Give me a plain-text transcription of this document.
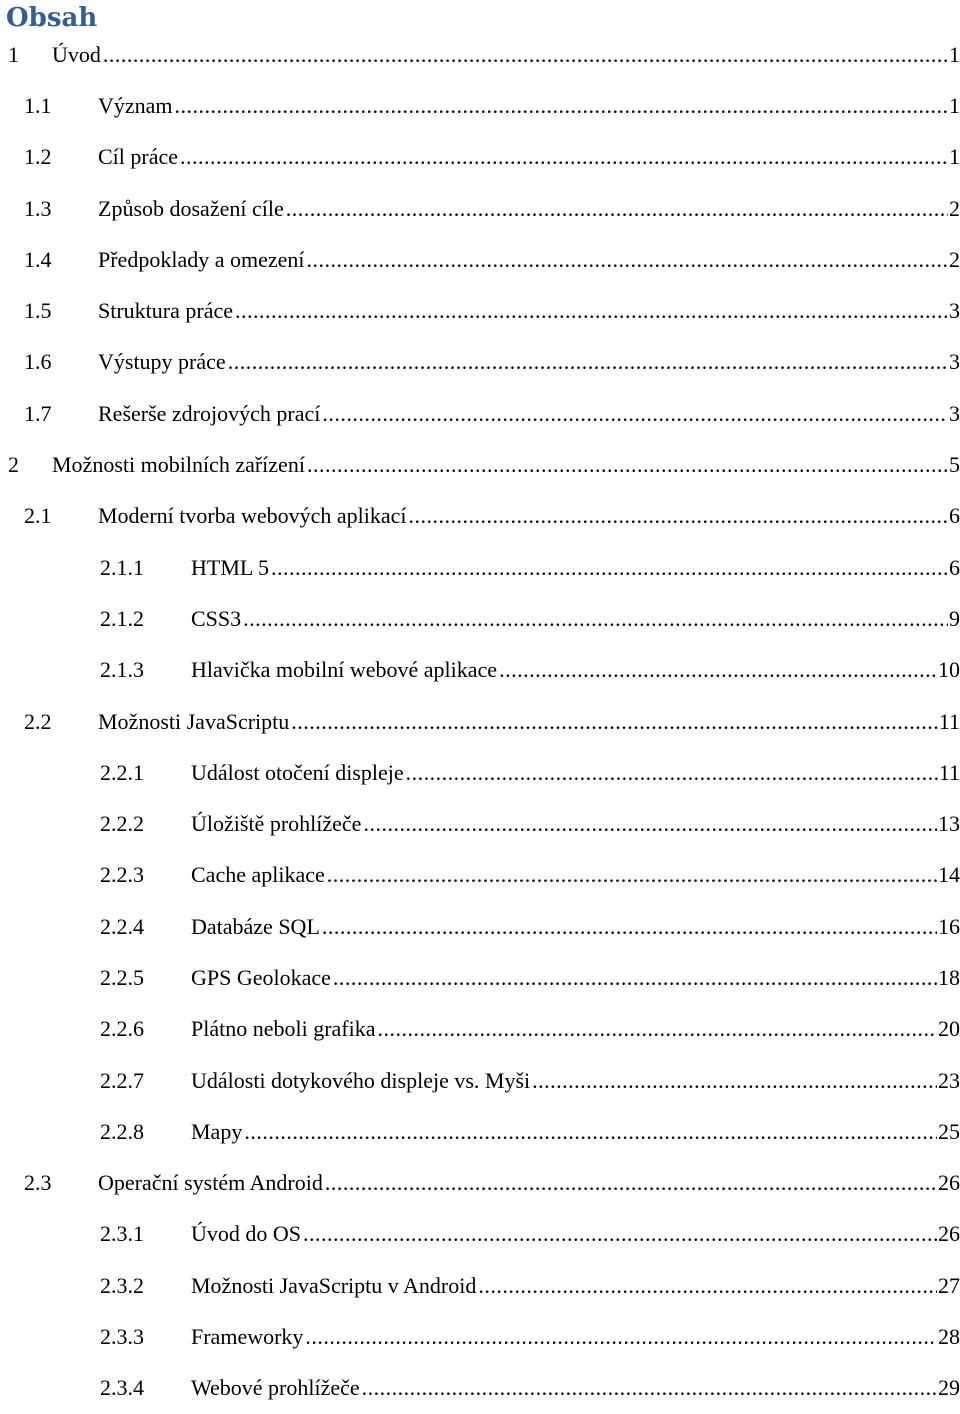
Obsah
1 Úvod .....	1
1.1 Význam .....	1
1.2 Cíl práce .....	1
1.3 Způsob dosažení cíle .....	2
1.4 Předpoklady a omezení .....	2
1.5 Struktura práce .....	3
1.6 Výstupy práce .....	3
1.7 Rešerše zdrojových prací .....	3
2 Možnosti mobilních zařízení .....	5
2.1 Moderní tvorba webových aplikací .....	6
2.1.1 HTML 5 .....	6
2.1.2 CSS3 .....	9
2.1.3 Hlavička mobilní webové aplikace .....	10
2.2 Možnosti JavaScriptu .....	11
2.2.1 Událost otočení displeje .....	11
2.2.2 Úložiště prohlížeče .....	13
2.2.3 Cache aplikace .....	14
2.2.4 Databáze SQL .....	16
2.2.5 GPS Geolokace .....	18
2.2.6 Plátno neboli grafika .....	20
2.2.7 Události dotykového displeje vs. Myši .....	23
2.2.8 Mapy .....	25
2.3 Operační systém Android .....	26
2.3.1 Úvod do OS .....	26
2.3.2 Možnosti JavaScriptu v Android .....	27
2.3.3 Frameworky .....	28
2.3.4 Webové prohlížeče .....	29
